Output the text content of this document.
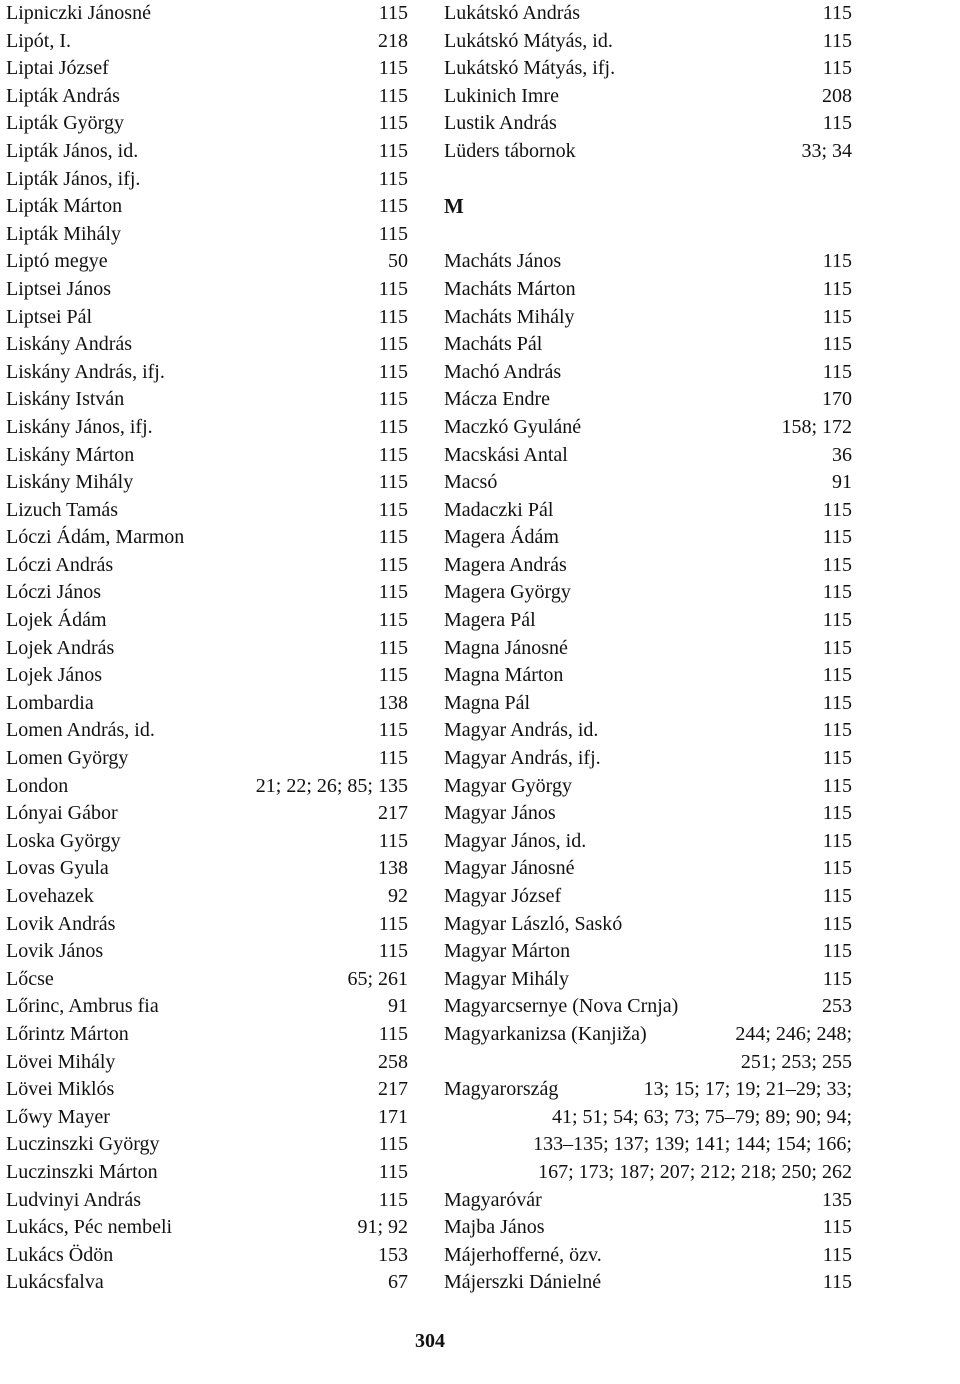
Lipniczki Jánosné	115
Lipót, I.	218
Liptai József	115
Lipták András	115
Lipták György	115
Lipták János, id.	115
Lipták János, ifj.	115
Lipták Márton	115
Lipták Mihály	115
Liptó megye	50
Liptsei János	115
Liptsei Pál	115
Liskány András	115
Liskány András, ifj.	115
Liskány István	115
Liskány János, ifj.	115
Liskány Márton	115
Liskány Mihály	115
Lizuch Tamás	115
Lóczi Ádám, Marmon	115
Lóczi András	115
Lóczi János	115
Lojek Ádám	115
Lojek András	115
Lojek János	115
Lombardia	138
Lomen András, id.	115
Lomen György	115
London	21; 22; 26; 85; 135
Lónyai Gábor	217
Loska György	115
Lovas Gyula	138
Lovehazek	92
Lovik András	115
Lovik János	115
Lőcse	65; 261
Lőrinc, Ambrus fia	91
Lőrintz Márton	115
Lövei Mihály	258
Lövei Miklós	217
Lőwy Mayer	171
Luczinszki György	115
Luczinszki Márton	115
Ludvinyi András	115
Lukács, Péc nembeli	91; 92
Lukács Ödön	153
Lukácsfalva	67
Lukátskó András	115
Lukátskó Mátyás, id.	115
Lukátskó Mátyás, ifj.	115
Lukinich Imre	208
Lustik András	115
Lüders tábornok	33; 34
M
Macháts János	115
Macháts Márton	115
Macháts Mihály	115
Macháts Pál	115
Machó András	115
Mácza Endre	170
Maczkó Gyuláné	158; 172
Macskási Antal	36
Macsó	91
Madaczki Pál	115
Magera Ádám	115
Magera András	115
Magera György	115
Magera Pál	115
Magna Jánosné	115
Magna Márton	115
Magna Pál	115
Magyar András, id.	115
Magyar András, ifj.	115
Magyar György	115
Magyar János	115
Magyar János, id.	115
Magyar Jánosné	115
Magyar József	115
Magyar László, Saskó	115
Magyar Márton	115
Magyar Mihály	115
Magyarcsernye (Nova Crnja)	253
Magyarkanizsa (Kanjiža)	244; 246; 248;
251; 253; 255
Magyarország	13; 15; 17; 19; 21–29; 33;
41; 51; 54; 63; 73; 75–79; 89; 90; 94;
133–135; 137; 139; 141; 144; 154; 166;
167; 173; 187; 207; 212; 218; 250; 262
Magyaróvár	135
Majba János	115
Májerhofferné, özv.	115
Májerszki Dánielné	115
304
